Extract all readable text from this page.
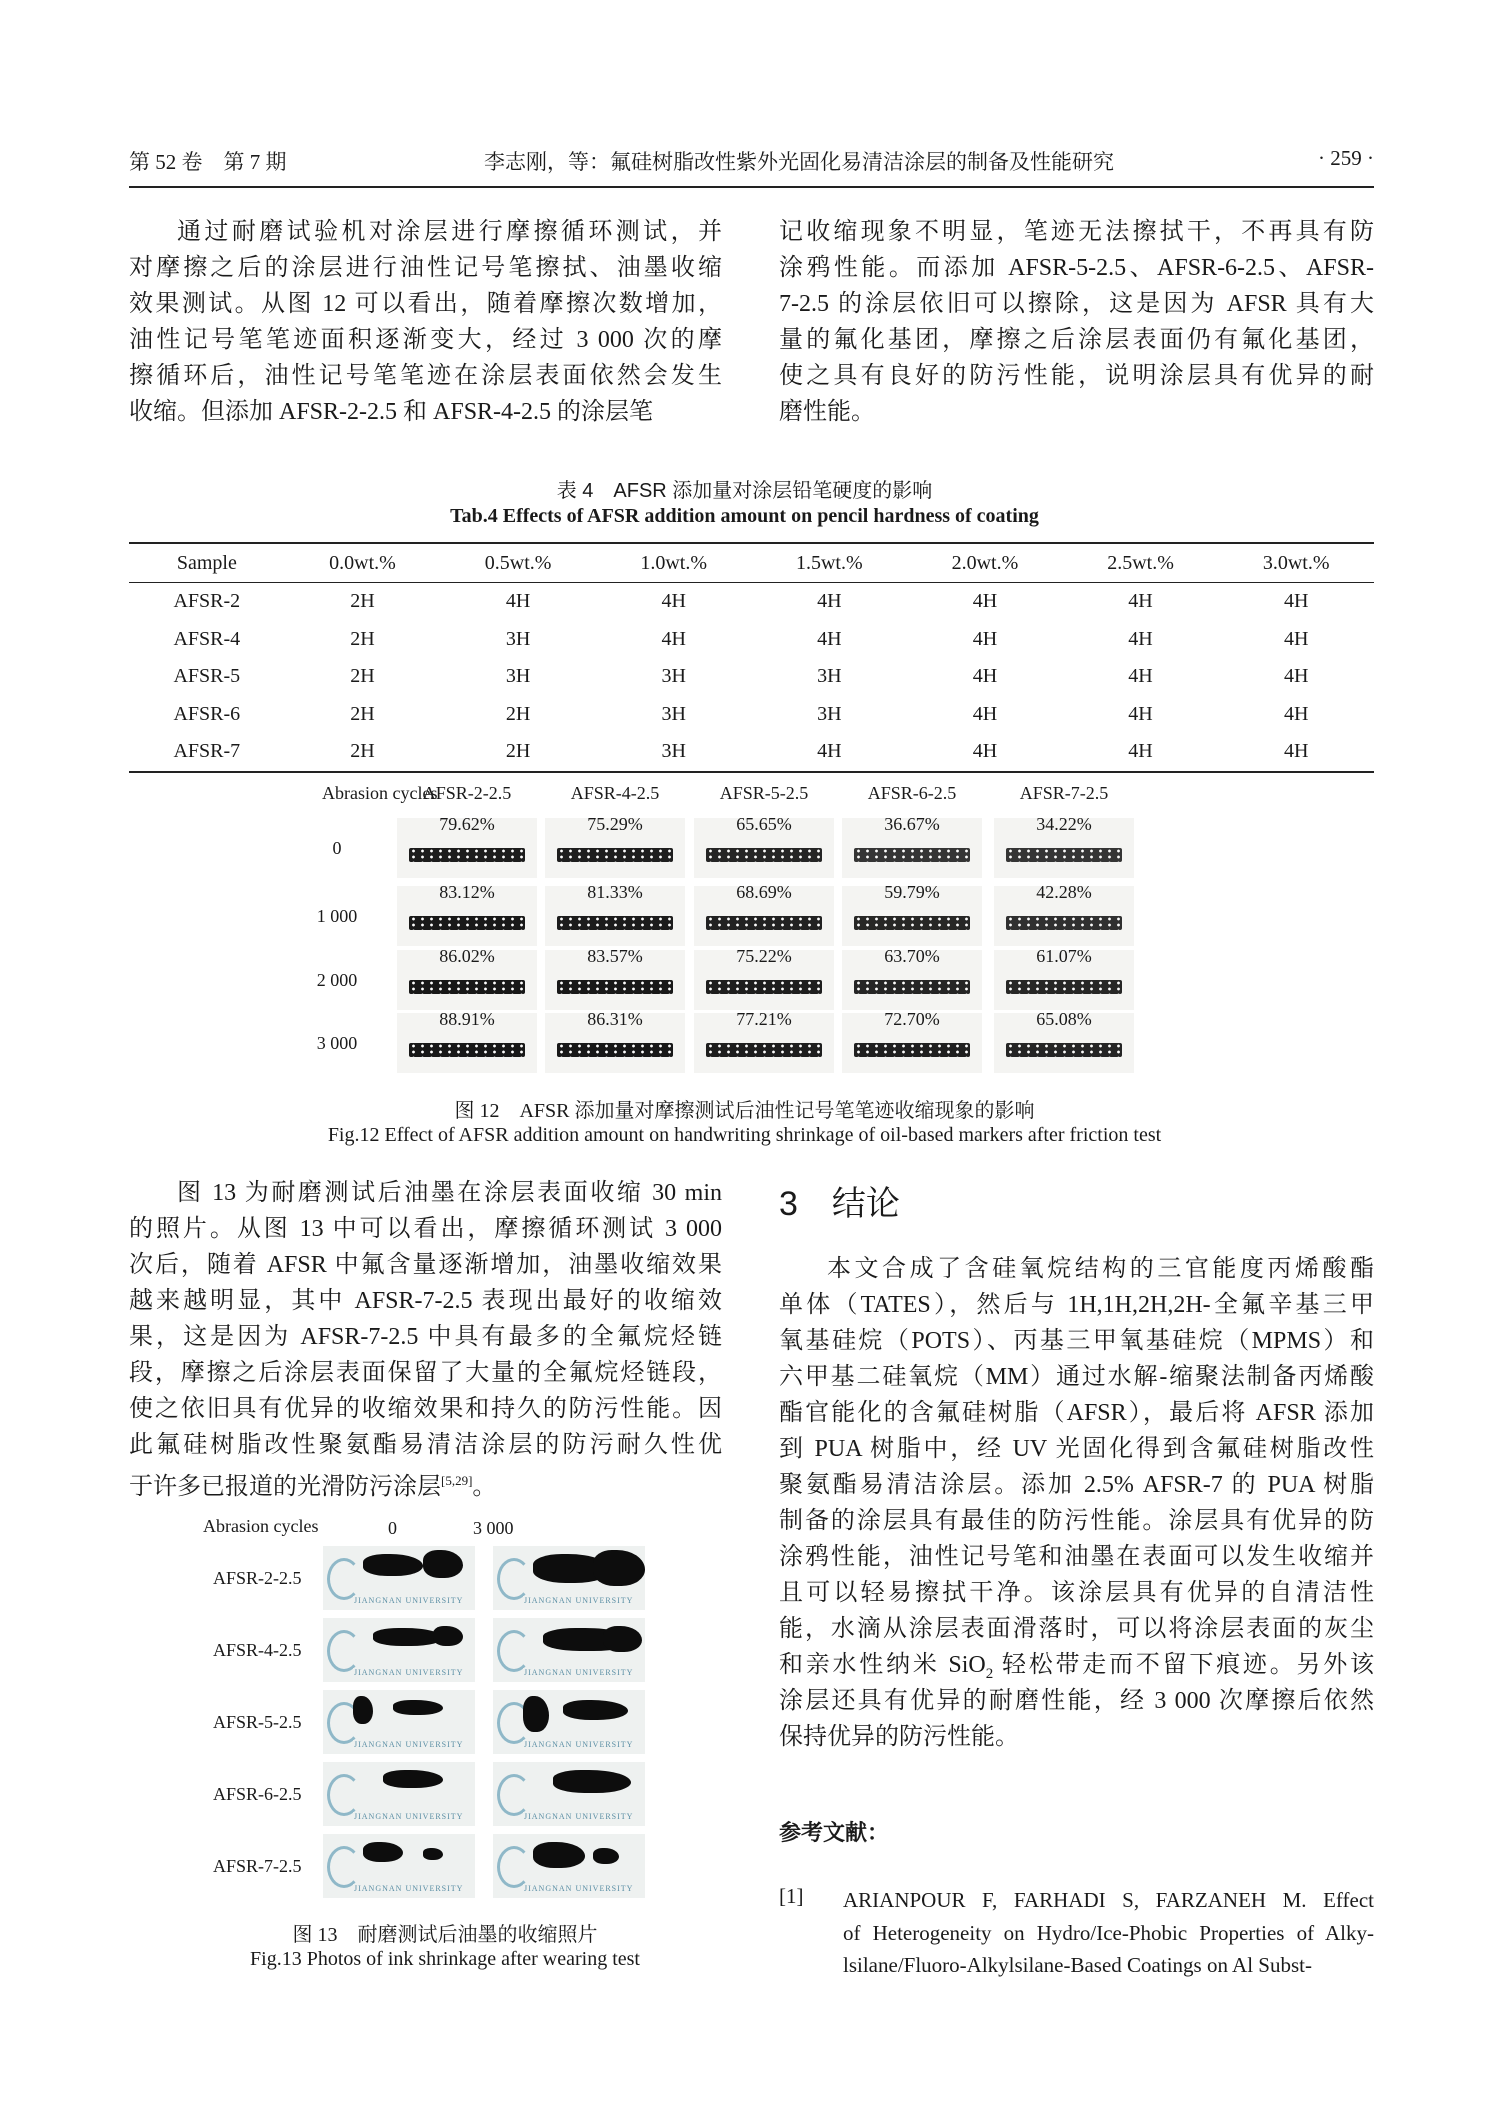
第 52 卷　第 7 期	李志刚，等：氟硅树脂改性紫外光固化易清洁涂层的制备及性能研究	· 259 ·
通过耐磨试验机对涂层进行摩擦循环测试，并
对摩擦之后的涂层进行油性记号笔擦拭、油墨收缩
效果测试。从图 12 可以看出，随着摩擦次数增加，
油性记号笔笔迹面积逐渐变大，经过 3 000 次的摩
擦循环后，油性记号笔笔迹在涂层表面依然会发生
收缩。但添加 AFSR-2-2.5 和 AFSR-4-2.5 的涂层笔
记收缩现象不明显，笔迹无法擦拭干，不再具有防
涂鸦性能。而添加 AFSR-5-2.5、AFSR-6-2.5、AFSR-
7-2.5 的涂层依旧可以擦除，这是因为 AFSR 具有大
量的氟化基团，摩擦之后涂层表面仍有氟化基团，
使之具有良好的防污性能，说明涂层具有优异的耐
磨性能。
表 4　AFSR 添加量对涂层铅笔硬度的影响
Tab.4 Effects of AFSR addition amount on pencil hardness of coating
Sample	0.0wt.%	0.5wt.%	1.0wt.%	1.5wt.%	2.0wt.%	2.5wt.%	3.0wt.%
AFSR-2	2H	4H	4H	4H	4H	4H	4H
AFSR-4	2H	3H	4H	4H	4H	4H	4H
AFSR-5	2H	3H	3H	3H	4H	4H	4H
AFSR-6	2H	2H	3H	3H	4H	4H	4H
AFSR-7	2H	2H	3H	4H	4H	4H	4H
Abrasion cycles
AFSR-2-2.5	AFSR-4-2.5	AFSR-5-2.5	AFSR-6-2.5	AFSR-7-2.5
0
79.62%	75.29%	65.65%	36.67%	34.22%
1 000
83.12%	81.33%	68.69%	59.79%	42.28%
2 000
86.02%	83.57%	75.22%	63.70%	61.07%
3 000
88.91%	86.31%	77.21%	72.70%	65.08%
图 12　AFSR 添加量对摩擦测试后油性记号笔笔迹收缩现象的影响
Fig.12 Effect of AFSR addition amount on handwriting shrinkage of oil-based markers after friction test
图 13 为耐磨测试后油墨在涂层表面收缩 30 min
的照片。从图 13 中可以看出，摩擦循环测试 3 000
次后，随着 AFSR 中氟含量逐渐增加，油墨收缩效果
越来越明显，其中 AFSR-7-2.5 表现出最好的收缩效
果，这是因为 AFSR-7-2.5 中具有最多的全氟烷烃链
段，摩擦之后涂层表面保留了大量的全氟烷烃链段，
使之依旧具有优异的收缩效果和持久的防污性能。因
此氟硅树脂改性聚氨酯易清洁涂层的防污耐久性优
于许多已报道的光滑防污涂层[5,29]。
3　结论
本文合成了含硅氧烷结构的三官能度丙烯酸酯
单体（TATES），然后与 1H,1H,2H,2H-全氟辛基三甲
氧基硅烷（POTS）、丙基三甲氧基硅烷（MPMS）和
六甲基二硅氧烷（MM）通过水解-缩聚法制备丙烯酸
酯官能化的含氟硅树脂（AFSR），最后将 AFSR 添加
到 PUA 树脂中，经 UV 光固化得到含氟硅树脂改性
聚氨酯易清洁涂层。添加 2.5% AFSR-7 的 PUA 树脂
制备的涂层具有最佳的防污性能。涂层具有优异的防
涂鸦性能，油性记号笔和油墨在表面可以发生收缩并
且可以轻易擦拭干净。该涂层具有优异的自清洁性
能，水滴从涂层表面滑落时，可以将涂层表面的灰尘
和亲水性纳米 SiO$_2$ 轻松带走而不留下痕迹。另外该
涂层还具有优异的耐磨性能，经 3 000 次摩擦后依然
保持优异的防污性能。
Abrasion cycles	0	3 000
AFSR-2-2.5
JIANGNAN UNIVERSITY	JIANGNAN UNIVERSITY
AFSR-4-2.5
JIANGNAN UNIVERSITY	JIANGNAN UNIVERSITY
AFSR-5-2.5
JIANGNAN UNIVERSITY	JIANGNAN UNIVERSITY
AFSR-6-2.5
JIANGNAN UNIVERSITY	JIANGNAN UNIVERSITY
AFSR-7-2.5
JIANGNAN UNIVERSITY	JIANGNAN UNIVERSITY
图 13　耐磨测试后油墨的收缩照片
Fig.13 Photos of ink shrinkage after wearing test
参考文献：
[1] ARIANPOUR F, FARHADI S, FARZANEH M. Effect
of Heterogeneity on Hydro/Ice-Phobic Properties of Alky-
lsilane/Fluoro-Alkylsilane-Based Coatings on Al Subst-
